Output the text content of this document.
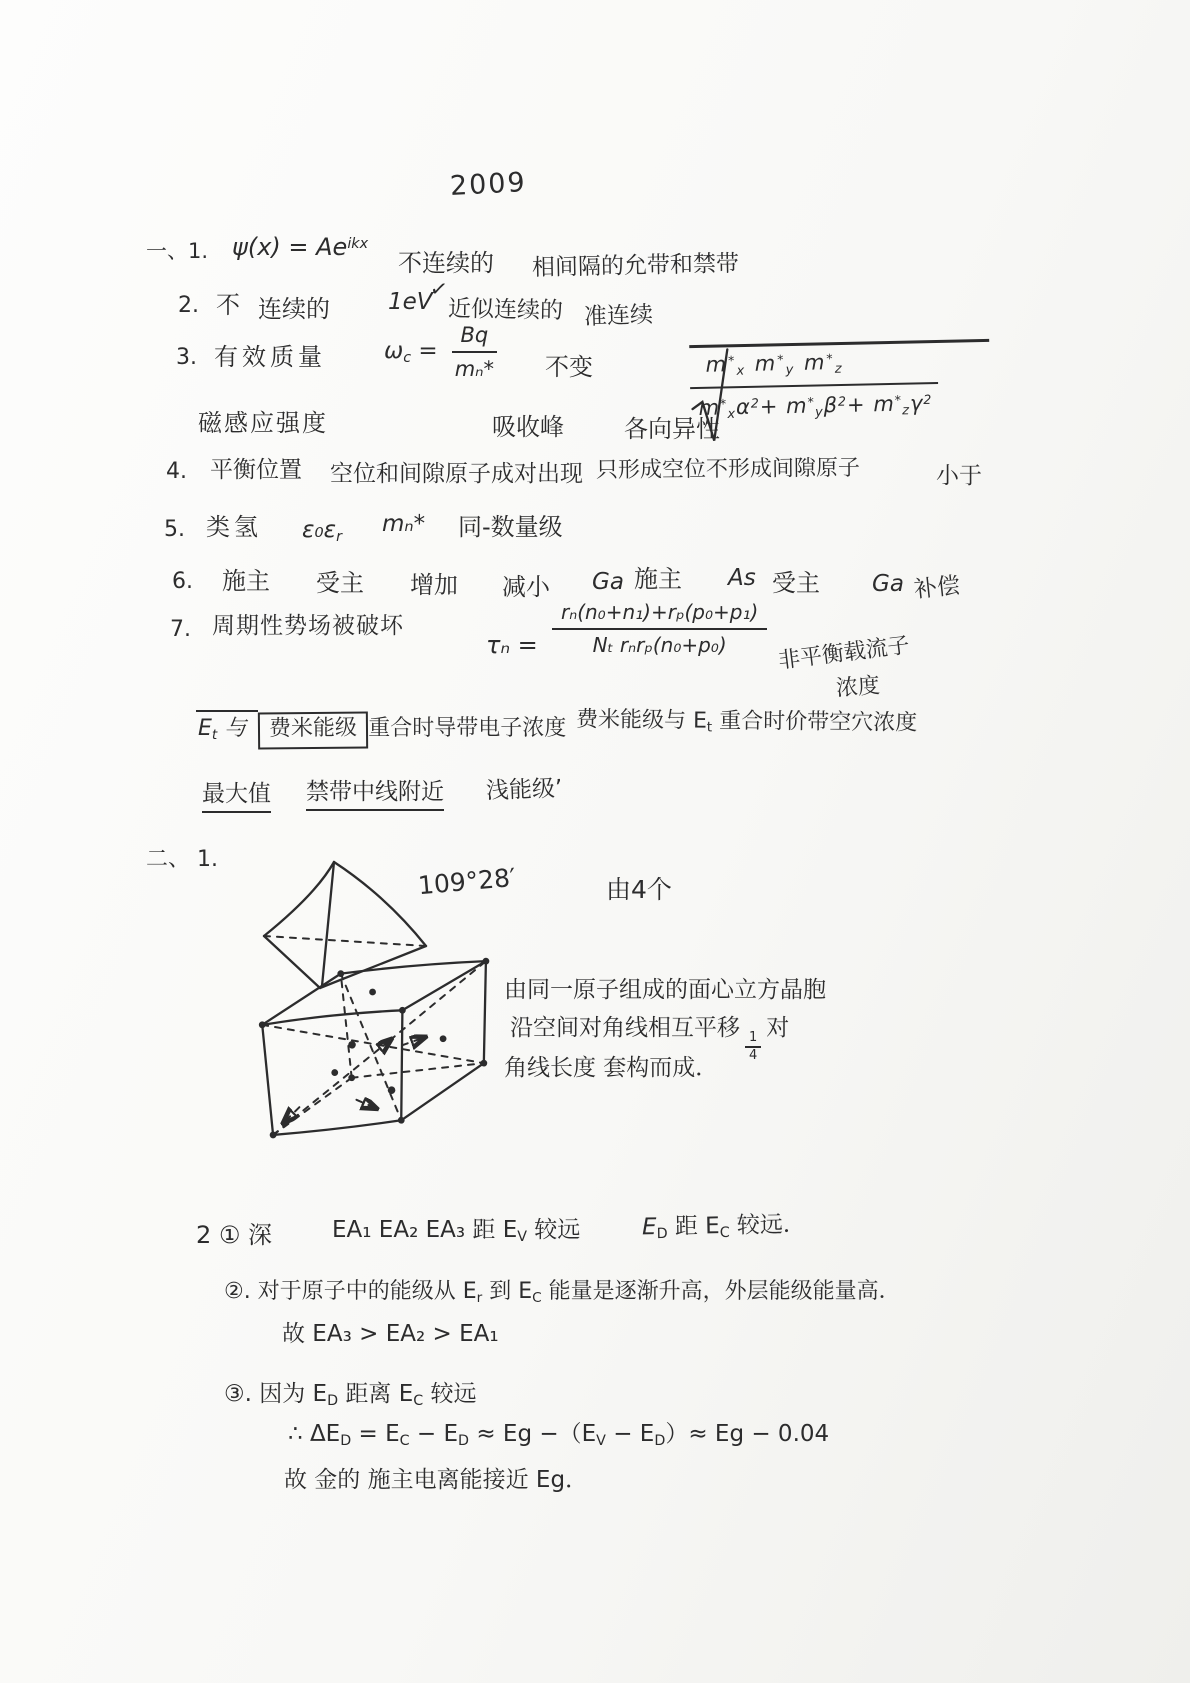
2009
一、1. $\psi(x) = Ae^{ikx}$
不连续的 相间隔的允带和禁带
2. 不 连续的	1eV
✓
近似连续的 准连续
3. 有效质量	$\omega_c = \frac{Bq}{\text{mₙ*}}$ 不变	$\frac{m^*_x m^*_y m^*_z}{m^*_x\alpha^2+ m^*_y\beta^2+ m^*_z\gamma^2}$
磁感应强度	吸收峰	各向异性
4. 平衡位置 空位和间隙原子成对出现 只形成空位不形成间隙原子	小于
5. 类氢 $\varepsilon_0\varepsilon_r$ mₙ* 同-数量级
6. 施主 受主 增加 减小 Ga 施主 As 受主 Ga 补偿
7. 周期性势场被破坏
$\tau_n = \frac{\text{rₙ(n₀+n₁)+rₚ(p₀+p₁)}}{\text{Nₜ rₙrₚ(n₀+p₀)}}$ 非平衡载流子
浓度
$E_t$ 与 费米能级 重合时导带电子浓度 费米能级与 $E_t$ 重合时价带空穴浓度
最大值 禁带中线附近 浅能级’
二、 1.
109°28′	由4个
由同一原子组成的面心立方晶胞
沿空间对角线相互平移
$\frac{1}{4}$
对
角线长度 套构而成．
2 ① 深	EA₁ EA₂ EA₃ 距 $E_V$ 较远	$E_D$ 距 $E_C$ 较远．
②. 对于原子中的能级从 $E_r$ 到 $E_C$ 能量是逐渐升高，外层能级能量高．
故 EA₃ > EA₂ > EA₁
③. 因为 $E_D$ 距离 $E_C$ 较远
∴ $\Delta E_D = E_C - E_D \approx Eg -(E_V - E_D)\approx Eg - 0.04$
故 金的 施主电离能接近 Eg．
